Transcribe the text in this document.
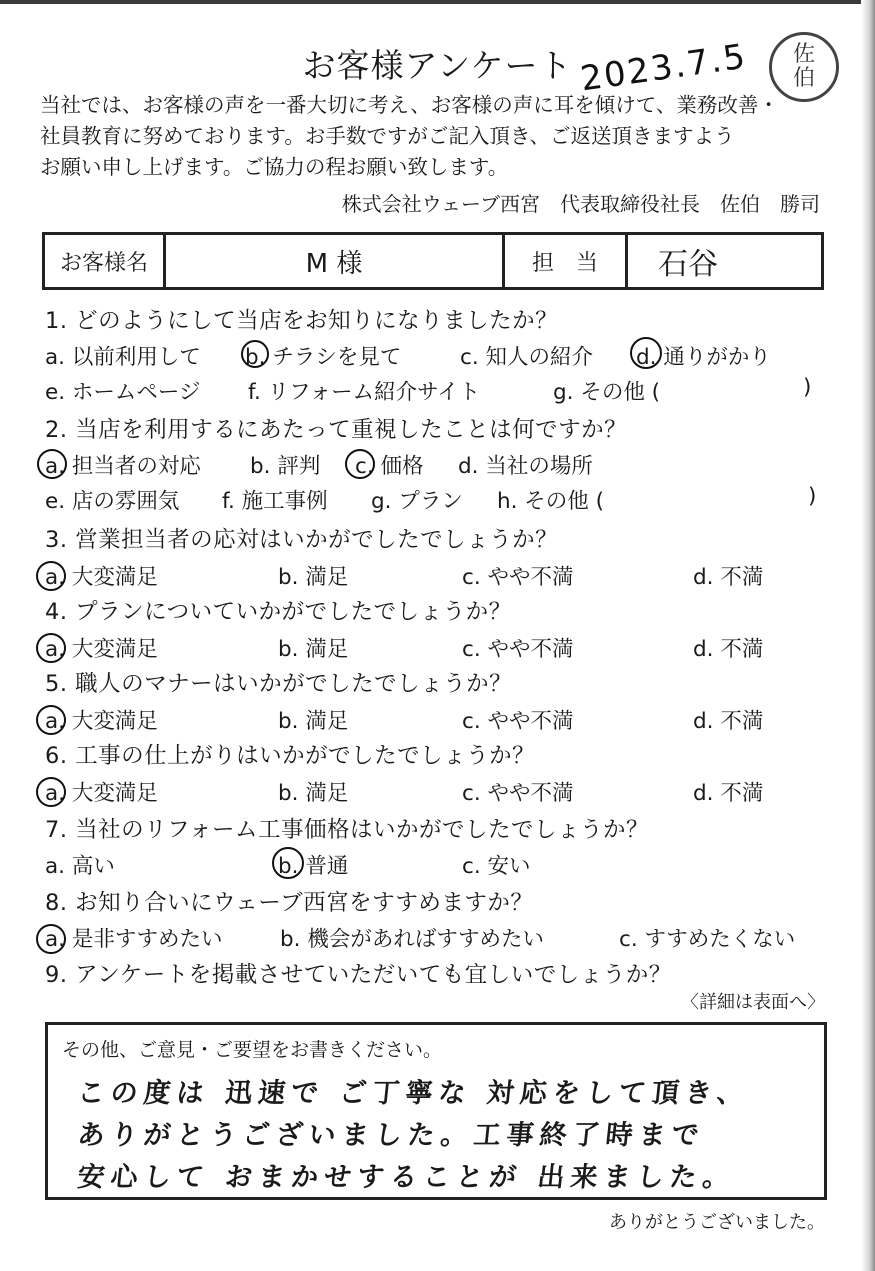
お客様アンケート 2023.7.5 佐
伯
当社では、お客様の声を一番大切に考え、お客様の声に耳を傾けて、業務改善・
社員教育に努めております。お手数ですがご記入頂き、ご返送頂きますよう
お願い申し上げます。ご協力の程お願い致します。
株式会社ウェーブ西宮　代表取締役社長　佐伯　勝司
お客様名	M 様	担　当	石谷
1. どのようにして当店をお知りになりましたか？
a. 以前利用して b. チラシを見て	c. 知人の紹介 d. 通りがかり
e. ホームページ f. リフォーム紹介サイト	g. その他 (	)
2. 当店を利用するにあたって重視したことは何ですか？
a. 担当者の対応 b. 評判 c. 価格 d. 当社の場所
e. 店の雰囲気 f. 施工事例 g. プラン h. その他 (	)
3. 営業担当者の応対はいかがでしたでしょうか？
a. 大変満足	b. 満足	c. やや不満	d. 不満
4. プランについていかがでしたでしょうか？
a. 大変満足	b. 満足	c. やや不満	d. 不満
5. 職人のマナーはいかがでしたでしょうか？
a. 大変満足	b. 満足	c. やや不満	d. 不満
6. 工事の仕上がりはいかがでしたでしょうか？
a. 大変満足	b. 満足	c. やや不満	d. 不満
7. 当社のリフォーム工事価格はいかがでしたでしょうか？
a. 高い	b. 普通	c. 安い
8. お知り合いにウェーブ西宮をすすめますか？
a. 是非すすめたい	b. 機会があればすすめたい	c. すすめたくない
9. アンケートを掲載させていただいても宜しいでしょうか？
〈詳細は表面へ〉
その他、ご意見・ご要望をお書きください。
この度は 迅速で ご丁寧な 対応をして頂き、
ありがとうございました。工事終了時まで
安心して おまかせすることが 出来ました。
ありがとうございました。
